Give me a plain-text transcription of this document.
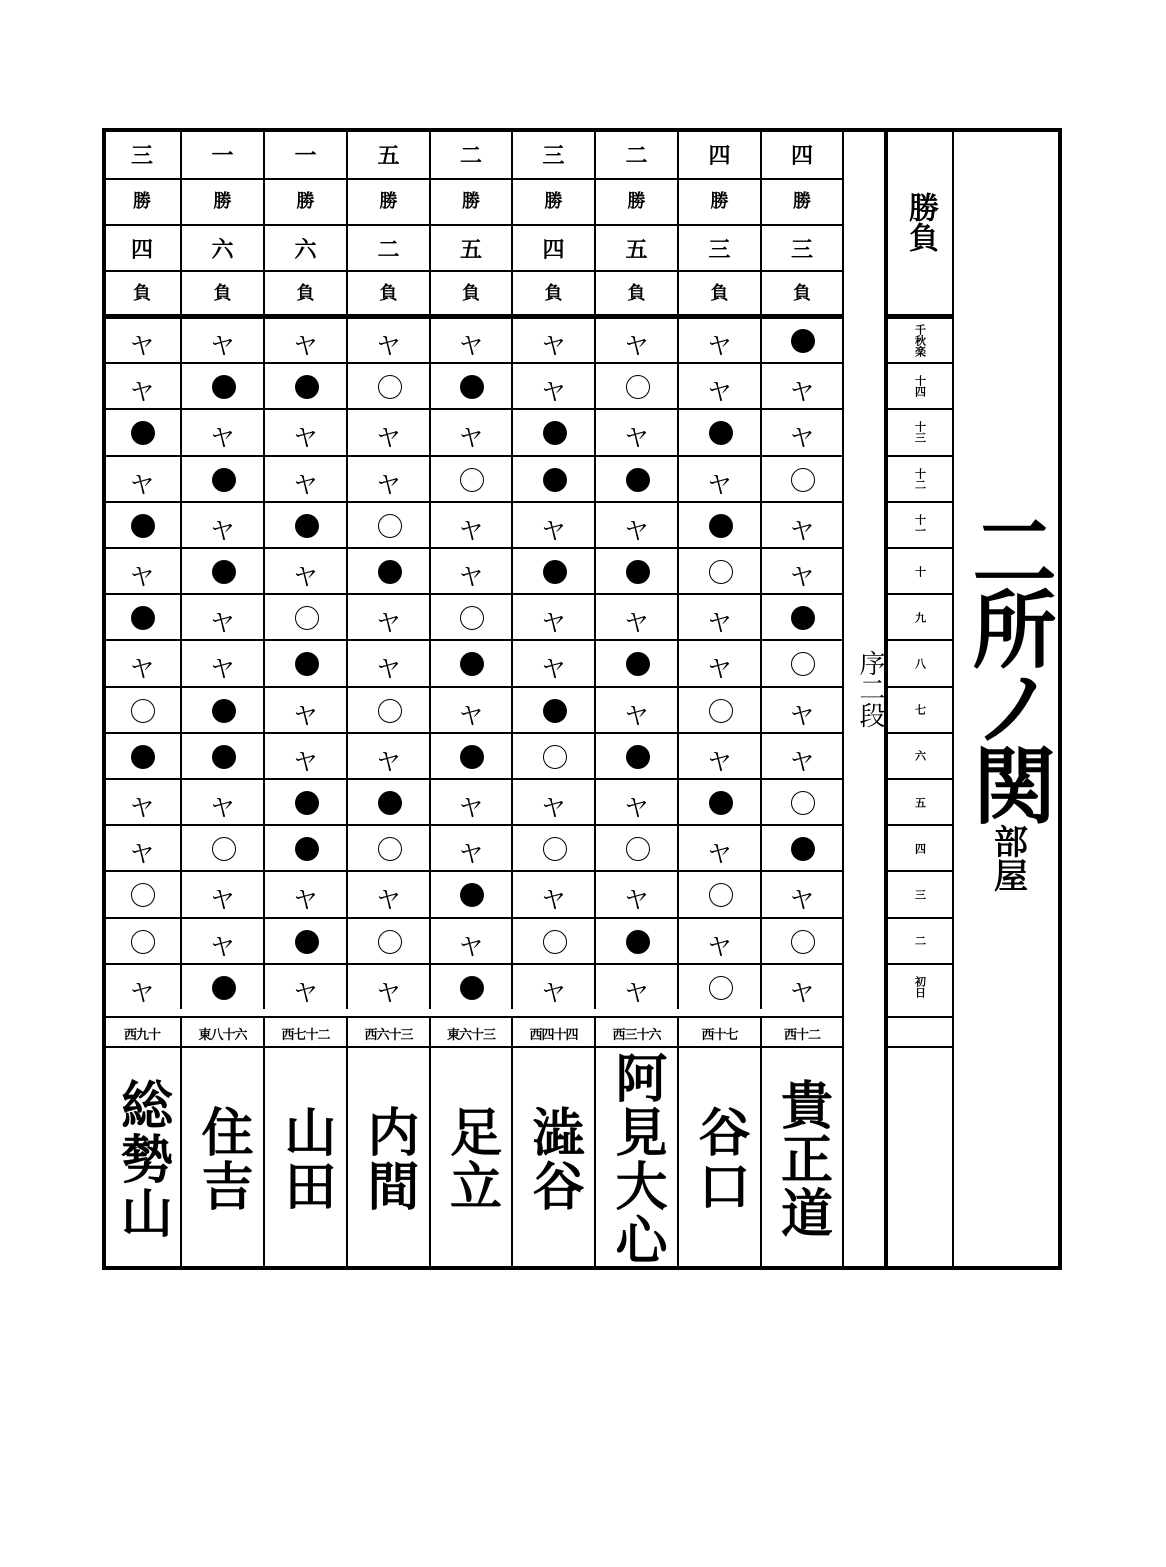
四
勝
三
負
ヤ
ヤ
ヤ
ヤ
ヤ
ヤ
ヤ
ヤ
西十二
貴正道
四
勝
三
負
ヤ
ヤ
ヤ
ヤ
ヤ
ヤ
ヤ
ヤ
西十七
谷口
二
勝
五
負
ヤ
ヤ
ヤ
ヤ
ヤ
ヤ
ヤ
ヤ
西三十六
阿見大心
三
勝
四
負
ヤ
ヤ
ヤ
ヤ
ヤ
ヤ
ヤ
ヤ
西四十四
澁谷
二
勝
五
負
ヤ
ヤ
ヤ
ヤ
ヤ
ヤ
ヤ
ヤ
東六十三
足立
五
勝
二
負
ヤ
ヤ
ヤ
ヤ
ヤ
ヤ
ヤ
ヤ
西六十三
内間
一
勝
六
負
ヤ
ヤ
ヤ
ヤ
ヤ
ヤ
ヤ
ヤ
西七十二
山田
一
勝
六
負
ヤ
ヤ
ヤ
ヤ
ヤ
ヤ
ヤ
ヤ
東八十六
住吉
三
勝
四
負
ヤ
ヤ
ヤ
ヤ
ヤ
ヤ
ヤ
ヤ
西九十
総勢山
序二段
勝負
千秋楽
十四
十三
十二
十一
十
九
八
七
六
五
四
三
二
初日
二所ノ関
部屋
